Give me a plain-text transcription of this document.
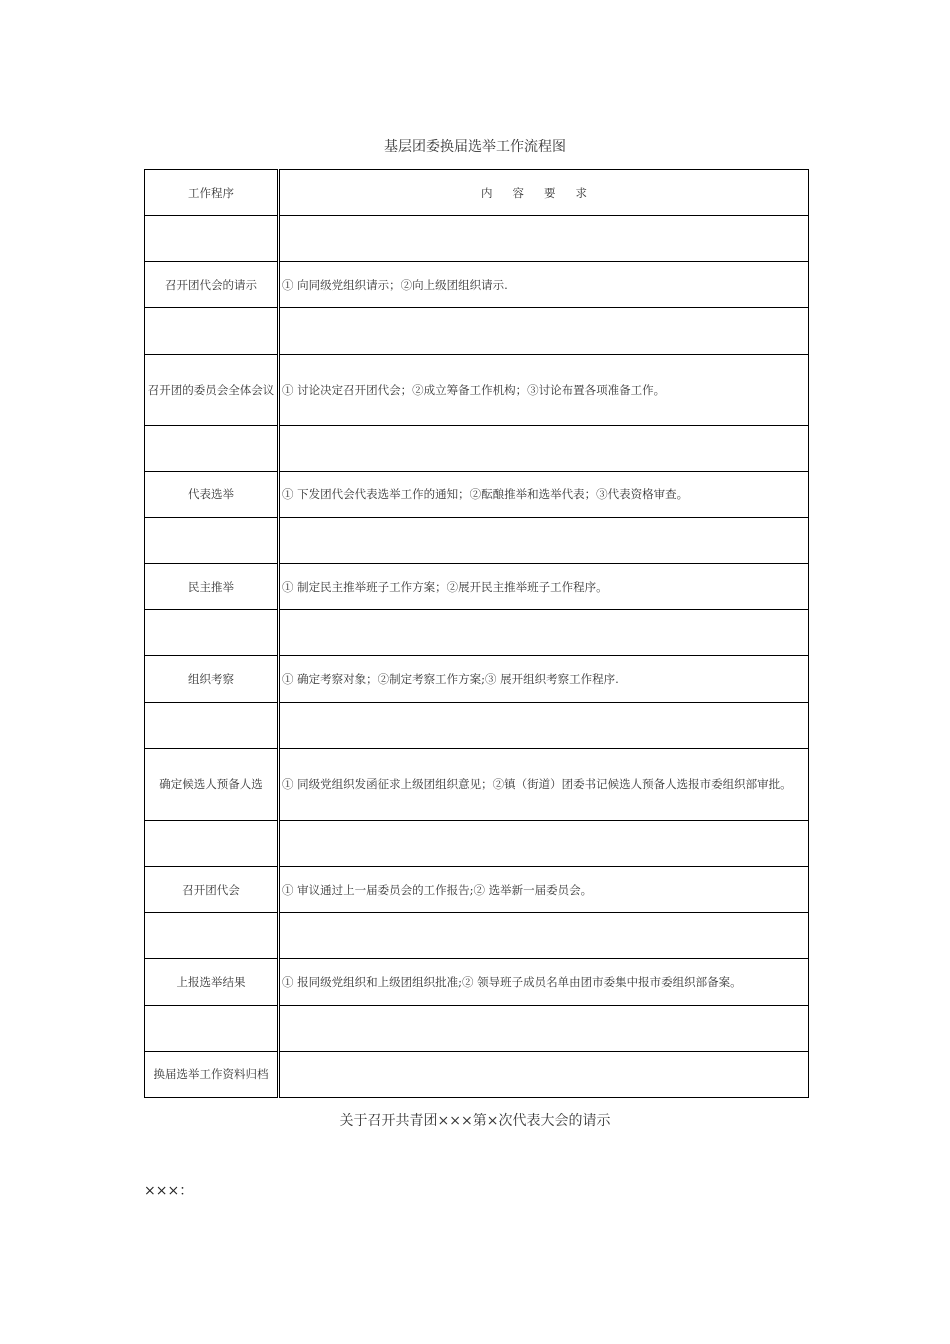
基层团委换届选举工作流程图
工作程序	内容要求

召开团代会的请示	① 向同级党组织请示；②向上级团组织请示.

召开团的委员会全体会议	① 讨论决定召开团代会；②成立筹备工作机构；③讨论布置各项准备工作。

代表选举	① 下发团代会代表选举工作的通知；②酝酿推举和选举代表；③代表资格审查。

民主推举	① 制定民主推举班子工作方案；②展开民主推举班子工作程序。

组织考察	① 确定考察对象；②制定考察工作方案;③ 展开组织考察工作程序.

确定候选人预备人选	① 同级党组织发函征求上级团组织意见；②镇（街道）团委书记候选人预备人选报市委组织部审批。

召开团代会	① 审议通过上一届委员会的工作报告;② 选举新一届委员会。

上报选举结果	① 报同级党组织和上级团组织批准;② 领导班子成员名单由团市委集中报市委组织部备案。

换届选举工作资料归档	
关于召开共青团×××第×次代表大会的请示
×××：
